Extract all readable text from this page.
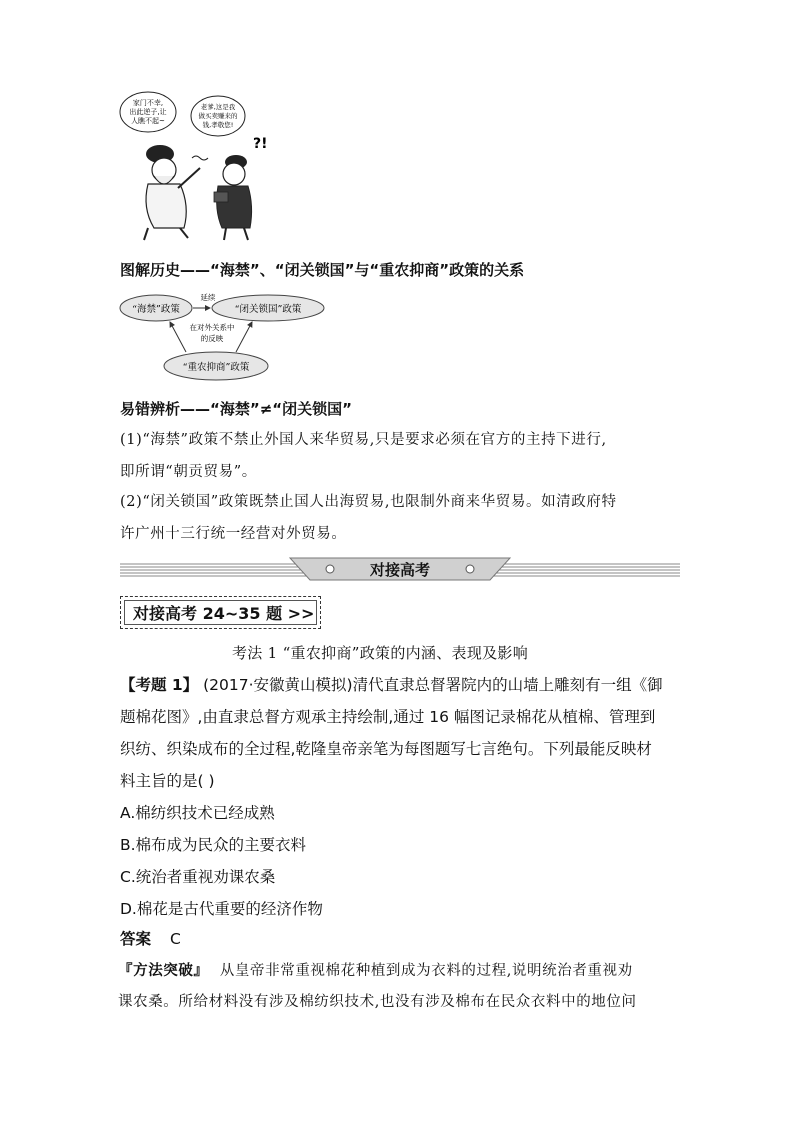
家门不幸,
出此逆子,让
人瞧不起~
老爹,这是我
做买卖赚来的
钱,孝敬您!
?!
图解历史——“海禁”、“闭关锁国”与“重农抑商”政策的关系
“海禁”政策	“闭关锁国”政策
“重农抑商”政策
延续
在对外关系中
的反映
易错辨析——“海禁”≠“闭关锁国”
(1)“海禁”政策不禁止外国人来华贸易,只是要求必须在官方的主持下进行,
即所谓“朝贡贸易”。
(2)“闭关锁国”政策既禁止国人出海贸易,也限制外商来华贸易。如清政府特
许广州十三行统一经营对外贸易。
对接高考
对接高考 24~35 题 >>
考法 1 “重农抑商”政策的内涵、表现及影响
【考题 1】 (2017·安徽黄山模拟)清代直隶总督署院内的山墙上雕刻有一组《御
题棉花图》,由直隶总督方观承主持绘制,通过 16 幅图记录棉花从植棉、管理到
织纺、织染成布的全过程,乾隆皇帝亲笔为每图题写七言绝句。下列最能反映材
料主旨的是( )
A.棉纺织技术已经成熟
B.棉布成为民众的主要衣料
C.统治者重视劝课农桑
D.棉花是古代重要的经济作物
答案 C
『方法突破』 从皇帝非常重视棉花种植到成为衣料的过程,说明统治者重视劝
课农桑。所给材料没有涉及棉纺织技术,也没有涉及棉布在民众衣料中的地位问
